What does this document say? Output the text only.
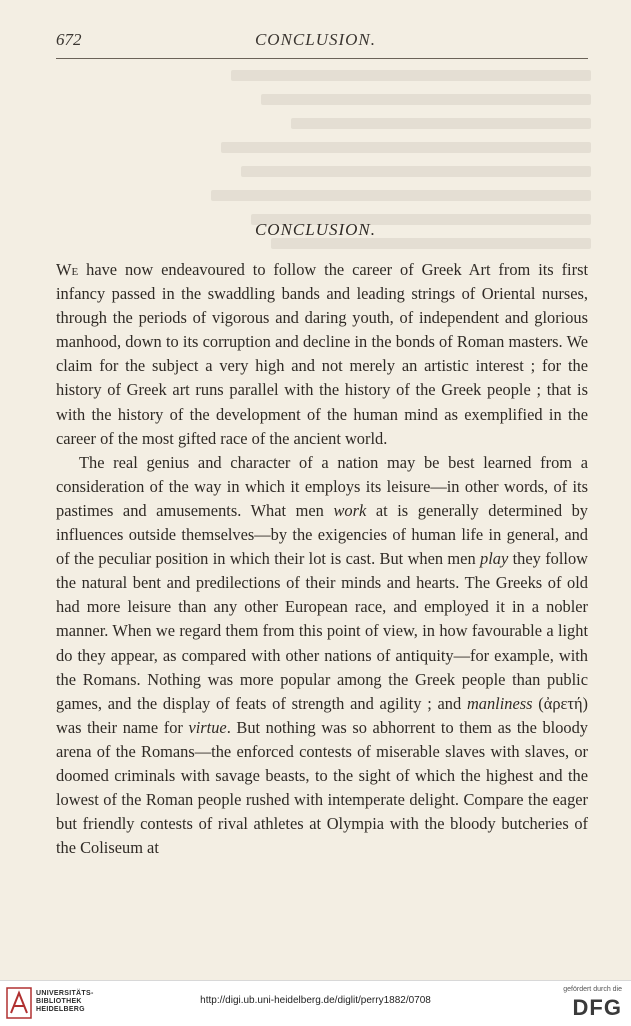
672	CONCLUSION.
CONCLUSION.

We have now endeavoured to follow the career of Greek Art from its first infancy passed in the swaddling bands and leading strings of Oriental nurses, through the periods of vigorous and daring youth, of independent and glorious manhood, down to its corruption and decline in the bonds of Roman masters. We claim for the subject a very high and not merely an artistic interest ; for the history of Greek art runs parallel with the history of the Greek people ; that is with the history of the development of the human mind as exemplified in the career of the most gifted race of the ancient world.

The real genius and character of a nation may be best learned from a consideration of the way in which it employs its leisure—in other words, of its pastimes and amusements. What men work at is generally determined by influences outside themselves—by the exigencies of human life in general, and of the peculiar position in which their lot is cast. But when men play they follow the natural bent and predilections of their minds and hearts. The Greeks of old had more leisure than any other European race, and employed it in a nobler manner. When we regard them from this point of view, in how favourable a light do they appear, as compared with other nations of antiquity—for example, with the Romans. Nothing was more popular among the Greek people than public games, and the display of feats of strength and agility ; and manliness (ἀρετή) was their name for virtue. But nothing was so abhorrent to them as the bloody arena of the Romans—the enforced contests of miserable slaves with slaves, or doomed criminals with savage beasts, to the sight of which the highest and the lowest of the Roman people rushed with intemperate delight. Compare the eager but friendly contests of rival athletes at Olympia with the bloody butcheries of the Coliseum at

UNIVERSITÄTS-
BIBLIOTHEK
HEIDELBERG
http://digi.ub.uni-heidelberg.de/diglit/perry1882/0708
gefördert durch die
DFG
